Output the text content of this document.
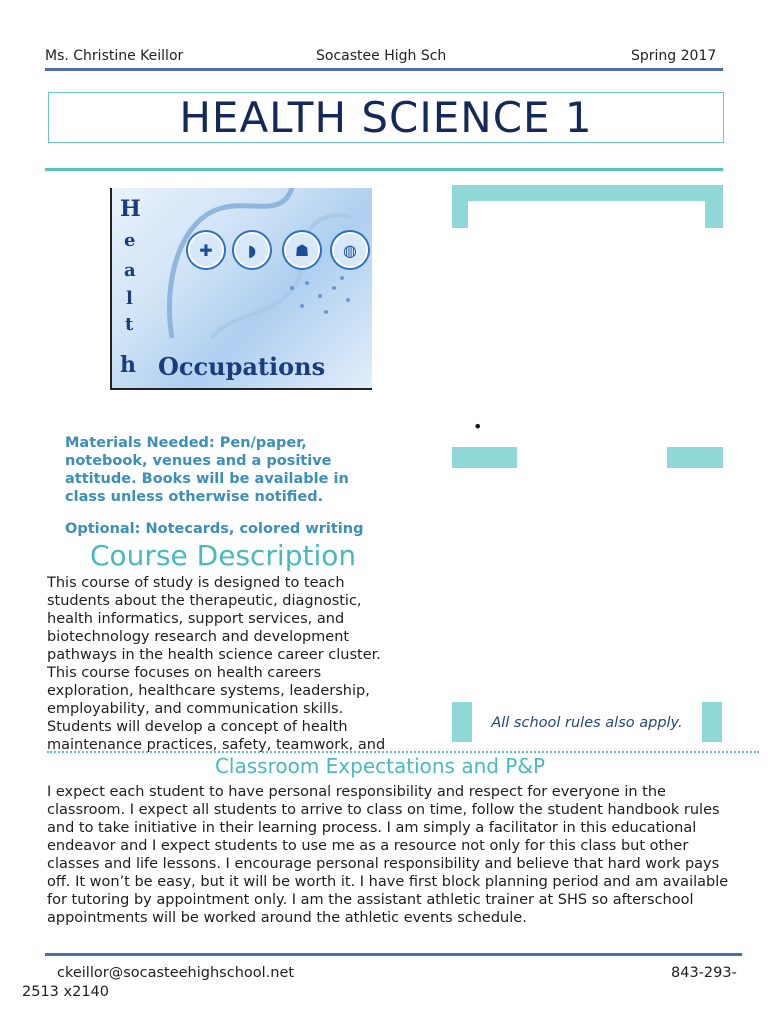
Ms. Christine Keillor	Socastee High Sch	Spring 2017
HEALTH SCIENCE 1
H
e
a
l
t
h
✚	◗	☗	◍
Occupations
•
Materials Needed: Pen/paper, notebook, venues and a positive attitude. Books will be available in class unless otherwise notified.
Optional: Notecards, colored writing
Course Description
This course of study is designed to teach students about the therapeutic, diagnostic, health informatics, support services, and biotechnology research and development pathways in the health science career cluster. This course focuses on health careers exploration, healthcare systems, leadership, employability, and communication skills. Students will develop a concept of health maintenance practices, safety, teamwork, and
All school rules also apply.
Classroom Expectations and P&P
I expect each student to have personal responsibility and respect for everyone in the classroom. I expect all students to arrive to class on time, follow the student handbook rules and to take initiative in their learning process. I am simply a facilitator in this educational endeavor and I expect students to use me as a resource not only for this class but other classes and life lessons. I encourage personal responsibility and believe that hard work pays off. It won’t be easy, but it will be worth it. I have first block planning period and am available for tutoring by appointment only. I am the assistant athletic trainer at SHS so afterschool appointments will be worked around the athletic events schedule.
ckeillor@socasteehighschool.net	843-293-
2513 x2140
